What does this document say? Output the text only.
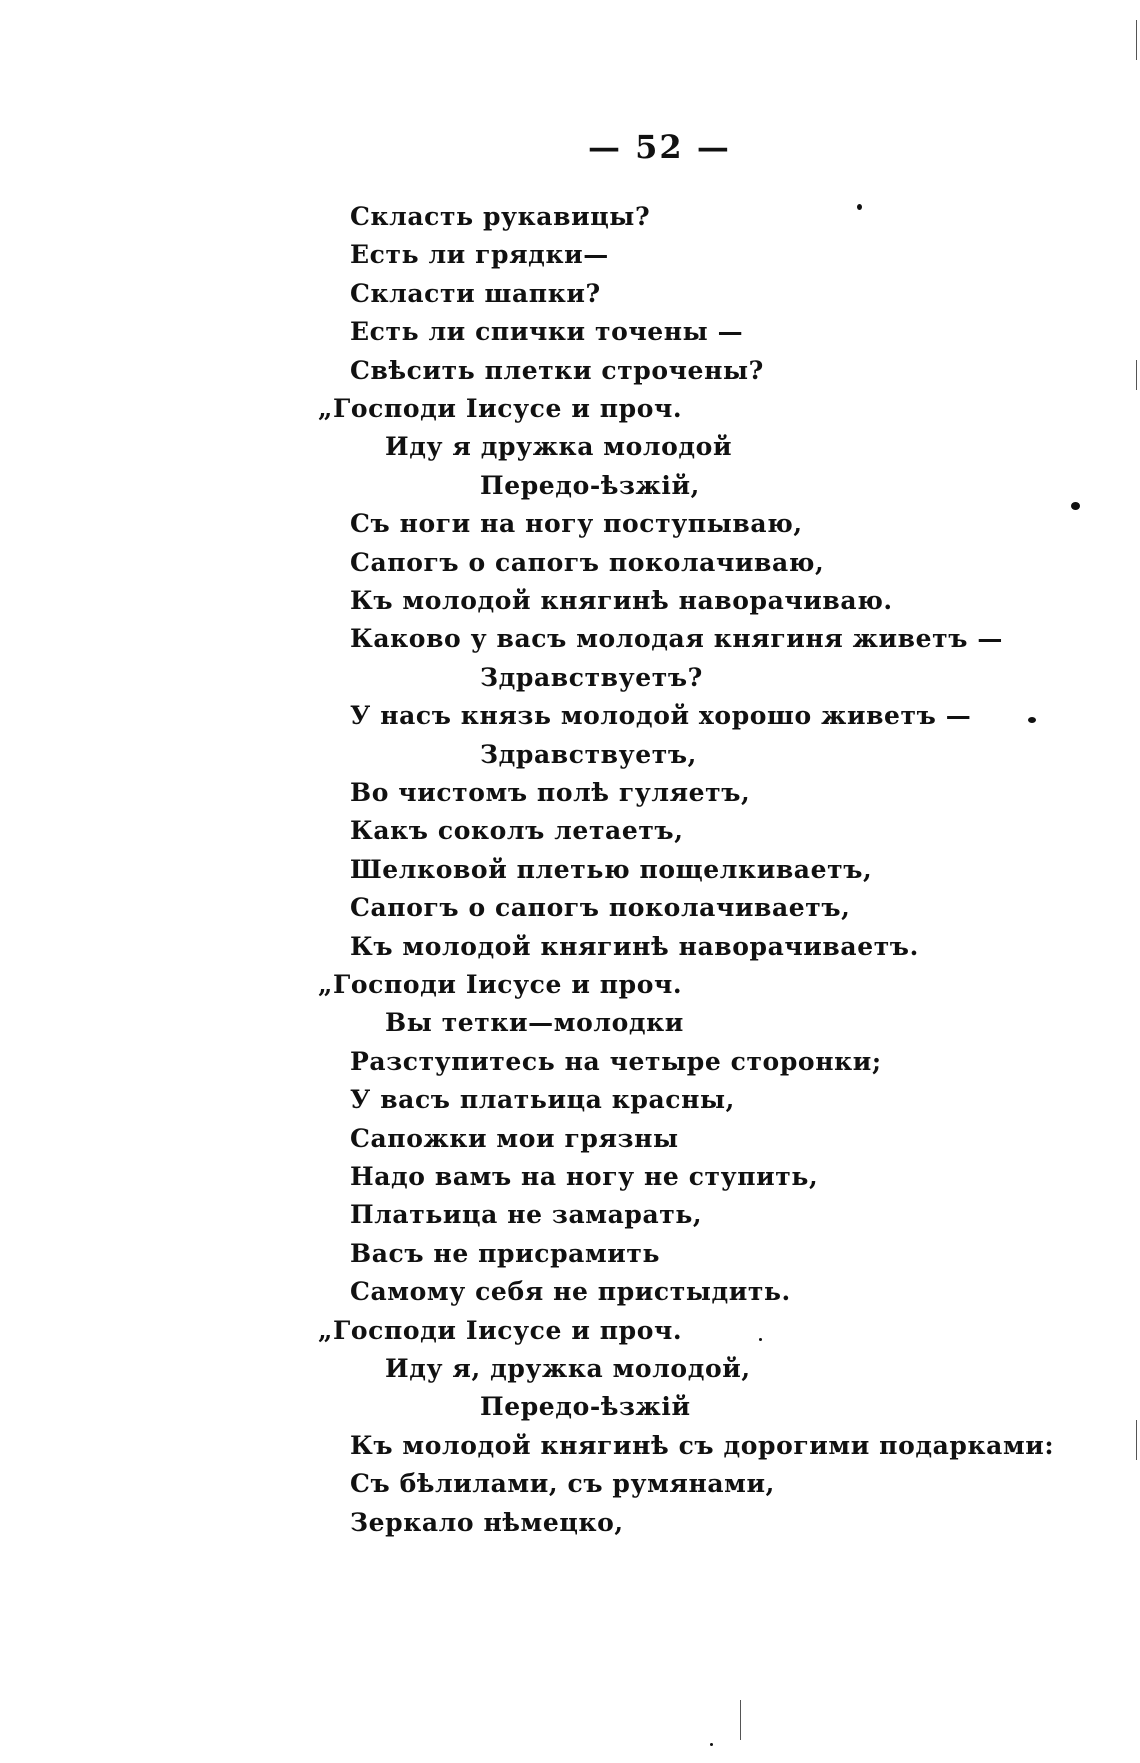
— 52 —
Скласть рукавицы?
Есть ли грядки—
Скласти шапки?
Есть ли спички точены —
Свѣсить плетки строчены?
„Господи Iисусе и проч.
Иду я дружка молодой
Передо-ѣзжiй,
Съ ноги на ногу поступываю,
Сапогъ о сапогъ поколачиваю,
Къ молодой княгинѣ наворачиваю.
Каково у васъ молодая княгиня живетъ —
Здравствуетъ?
У насъ князь молодой хорошо живетъ —
Здравствуетъ,
Во чистомъ полѣ гуляетъ,
Какъ соколъ летаетъ,
Шелковой плетью пощелкиваетъ,
Сапогъ о сапогъ поколачиваетъ,
Къ молодой княгинѣ наворачиваетъ.
„Господи Iисусе и проч.
Вы тетки—молодки
Разступитесь на четыре сторонки;
У васъ платьица красны,
Сапожки мои грязны
Надо вамъ на ногу не ступить,
Платьица не замарать,
Васъ не присрамить
Самому себя не пристыдить.
„Господи Iисусе и проч.
Иду я, дружка молодой,
Передо-ѣзжiй
Къ молодой княгинѣ съ дорогими подарками:
Съ бѣлилами, съ румянами,
Зеркало нѣмецко,
